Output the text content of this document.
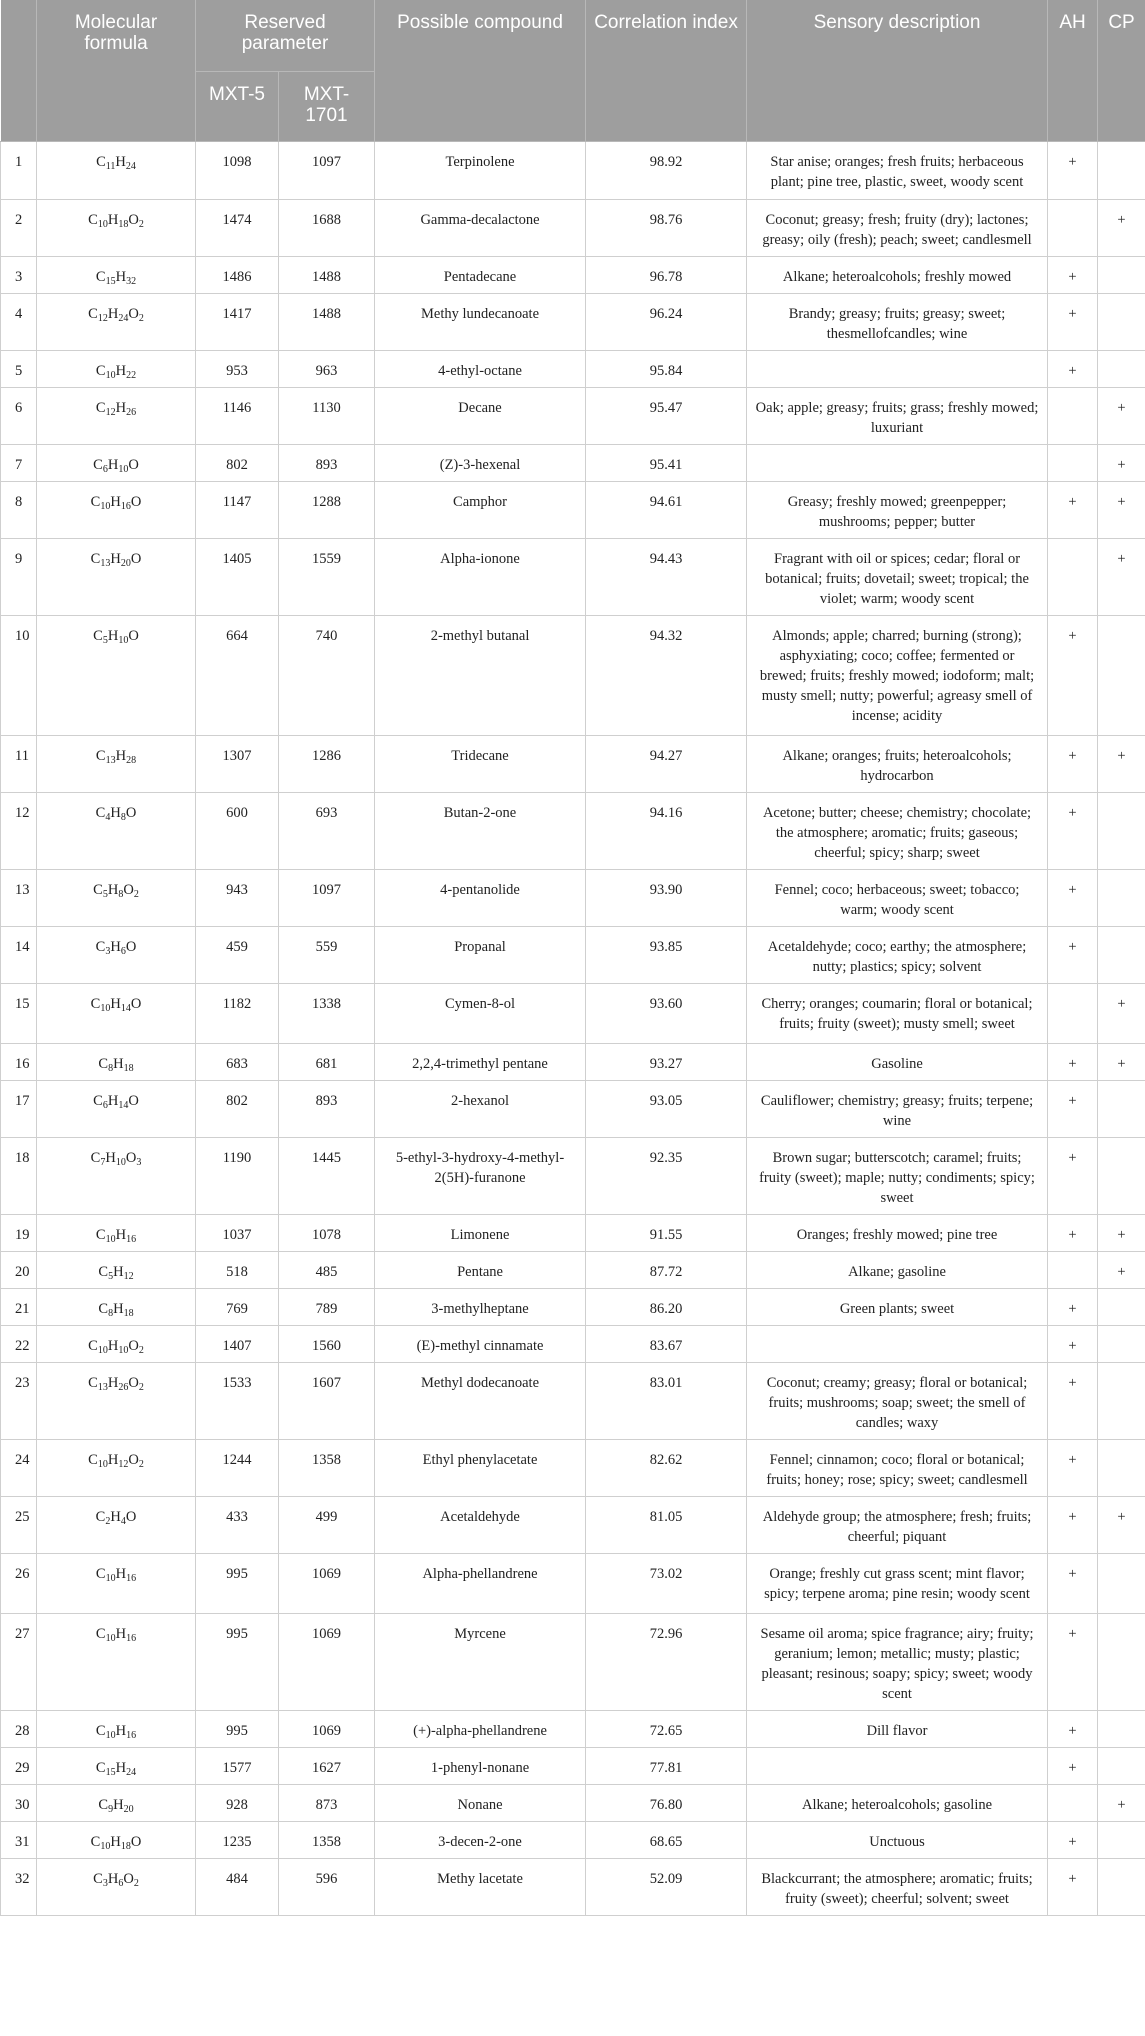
	Molecular formula	Reserved parameter		Possible compound	Correlation index	Sensory description	AH	CP
		MXT-5	MXT-1701					
1	$C_{11}H_{24}$	1098	1097	Terpinolene	98.92	Star anise; oranges; fresh fruits; herbaceous plant; pine tree, plastic, sweet, woody scent	+	
2	$C_{10}H_{18}O_2$	1474	1688	Gamma-decalactone	98.76	Coconut; greasy; fresh; fruity (dry); lactones; greasy; oily (fresh); peach; sweet; candlesmell		+
3	$C_{15}H_{32}$	1486	1488	Pentadecane	96.78	Alkane; heteroalcohols; freshly mowed	+	
4	$C_{12}H_{24}O_2$	1417	1488	Methy lundecanoate	96.24	Brandy; greasy; fruits; greasy; sweet; thesmellofcandles; wine	+	
5	$C_{10}H_{22}$	953	963	4-ethyl-octane	95.84		+	
6	$C_{12}H_{26}$	1146	1130	Decane	95.47	Oak; apple; greasy; fruits; grass; freshly mowed; luxuriant		+
7	$C_6H_{10}O$	802	893	(Z)-3-hexenal	95.41			+
8	$C_{10}H_{16}O$	1147	1288	Camphor	94.61	Greasy; freshly mowed; greenpepper; mushrooms; pepper; butter	+	+
9	$C_{13}H_{20}O$	1405	1559	Alpha-ionone	94.43	Fragrant with oil or spices; cedar; floral or botanical; fruits; dovetail; sweet; tropical; the violet; warm; woody scent		+
10	$C_5H_{10}O$	664	740	2-methyl butanal	94.32	Almonds; apple; charred; burning (strong); asphyxiating; coco; coffee; fermented or brewed; fruits; freshly mowed; iodoform; malt; musty smell; nutty; powerful; agreasy smell of incense; acidity	+	
11	$C_{13}H_{28}$	1307	1286	Tridecane	94.27	Alkane; oranges; fruits; heteroalcohols; hydrocarbon	+	+
12	$C_4H_8O$	600	693	Butan-2-one	94.16	Acetone; butter; cheese; chemistry; chocolate; the atmosphere; aromatic; fruits; gaseous; cheerful; spicy; sharp; sweet	+	
13	$C_5H_8O_2$	943	1097	4-pentanolide	93.90	Fennel; coco; herbaceous; sweet; tobacco; warm; woody scent	+	
14	$C_3H_6O$	459	559	Propanal	93.85	Acetaldehyde; coco; earthy; the atmosphere; nutty; plastics; spicy; solvent	+	
15	$C_{10}H_{14}O$	1182	1338	Cymen-8-ol	93.60	Cherry; oranges; coumarin; floral or botanical; fruits; fruity (sweet); musty smell; sweet		+
16	$C_8H_{18}$	683	681	2,2,4-trimethyl pentane	93.27	Gasoline	+	+
17	$C_6H_{14}O$	802	893	2-hexanol	93.05	Cauliflower; chemistry; greasy; fruits; terpene; wine	+	
18	$C_7H_{10}O_3$	1190	1445	5-ethyl-3-hydroxy-4-methyl-2(5H)-furanone	92.35	Brown sugar; butterscotch; caramel; fruits; fruity (sweet); maple; nutty; condiments; spicy; sweet	+	
19	$C_{10}H_{16}$	1037	1078	Limonene	91.55	Oranges; freshly mowed; pine tree	+	+
20	$C_5H_{12}$	518	485	Pentane	87.72	Alkane; gasoline		+
21	$C_8H_{18}$	769	789	3-methylheptane	86.20	Green plants; sweet	+	
22	$C_{10}H_{10}O_2$	1407	1560	(E)-methyl cinnamate	83.67		+	
23	$C_{13}H_{26}O_2$	1533	1607	Methyl dodecanoate	83.01	Coconut; creamy; greasy; floral or botanical; fruits; mushrooms; soap; sweet; the smell of candles; waxy	+	
24	$C_{10}H_{12}O_2$	1244	1358	Ethyl phenylacetate	82.62	Fennel; cinnamon; coco; floral or botanical; fruits; honey; rose; spicy; sweet; candlesmell	+	
25	$C_2H_4O$	433	499	Acetaldehyde	81.05	Aldehyde group; the atmosphere; fresh; fruits; cheerful; piquant	+	+
26	$C_{10}H_{16}$	995	1069	Alpha-phellandrene	73.02	Orange; freshly cut grass scent; mint flavor; spicy; terpene aroma; pine resin; woody scent	+	
27	$C_{10}H_{16}$	995	1069	Myrcene	72.96	Sesame oil aroma; spice fragrance; airy; fruity; geranium; lemon; metallic; musty; plastic; pleasant; resinous; soapy; spicy; sweet; woody scent	+	
28	$C_{10}H_{16}$	995	1069	(+)-alpha-phellandrene	72.65	Dill flavor	+	
29	$C_{15}H_{24}$	1577	1627	1-phenyl-nonane	77.81		+	
30	$C_9H_{20}$	928	873	Nonane	76.80	Alkane; heteroalcohols; gasoline		+
31	$C_{10}H_{18}O$	1235	1358	3-decen-2-one	68.65	Unctuous	+	
32	$C_3H_6O_2$	484	596	Methy lacetate	52.09	Blackcurrant; the atmosphere; aromatic; fruits; fruity (sweet); cheerful; solvent; sweet	+	
